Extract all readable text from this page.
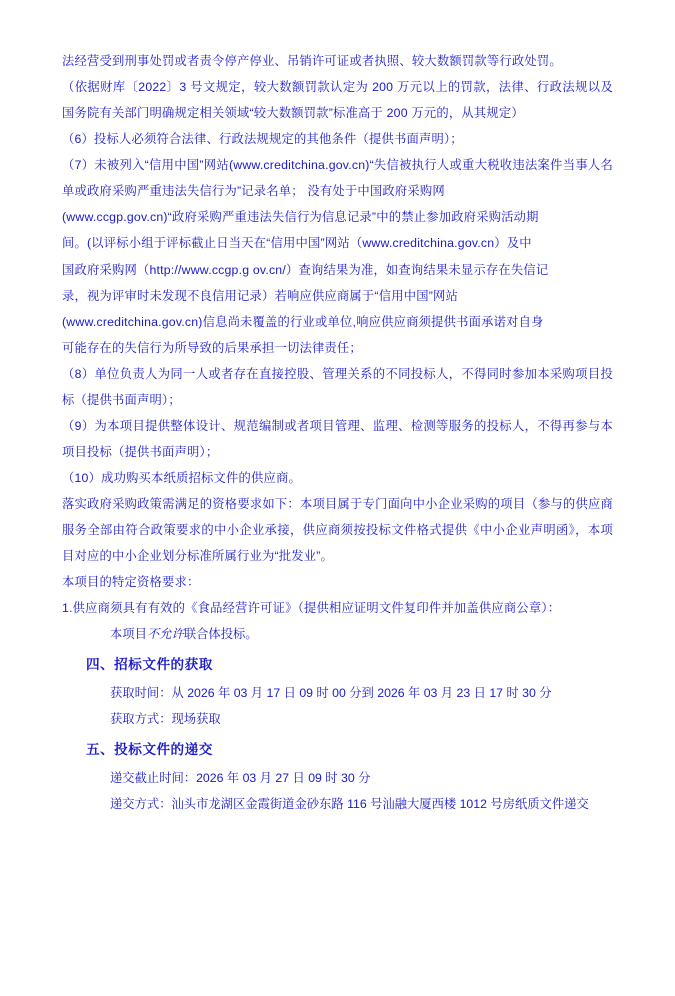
法经营受到刑事处罚或者责令停产停业、吊销许可证或者执照、较大数额罚款等行政处罚。

（依据财库〔2022〕3 号文规定，较大数额罚款认定为 200 万元以上的罚款，法律、行政法规以及国务院有关部门明确规定相关领域“较大数额罚款”标准高于 200 万元的，从其规定）

（6）投标人必须符合法律、行政法规规定的其他条件（提供书面声明）；

（7）未被列入“信用中国”网站(www.creditchina.gov.cn)“失信被执行人或重大税收违法案件当事人名单或政府采购严重违法失信行为”记录名单； 没有处于中国政府采购网

(www.ccgp.gov.cn)“政府采购严重违法失信行为信息记录”中的禁止参加政府采购活动期

间。(以评标小组于评标截止日当天在“信用中国”网站（www.creditchina.gov.cn）及中

国政府采购网（http://www.ccgp.g ov.cn/）查询结果为准，如查询结果未显示存在失信记

录，视为评审时未发现不良信用记录）若响应供应商属于“信用中国”网站

(www.creditchina.gov.cn)信息尚未覆盖的行业或单位,响应供应商须提供书面承诺对自身

可能存在的失信行为所导致的后果承担一切法律责任；

（8）单位负责人为同一人或者存在直接控股、管理关系的不同投标人，不得同时参加本采购项目投标（提供书面声明）；

（9）为本项目提供整体设计、规范编制或者项目管理、监理、检测等服务的投标人，不得再参与本项目投标（提供书面声明）；

（10）成功购买本纸质招标文件的供应商。

落实政府采购政策需满足的资格要求如下：本项目属于专门面向中小企业采购的项目（参与的供应商服务全部由符合政策要求的中小企业承接，供应商须按投标文件格式提供《中小企业声明函》，本项目对应的中小企业划分标准所属行业为“批发业”。

本项目的特定资格要求：

1.供应商须具有有效的《食品经营许可证》（提供相应证明文件复印件并加盖供应商公章）：

本项目不允许联合体投标。

四、招标文件的获取

获取时间：从 2026 年 03 月 17 日 09 时 00 分到 2026 年 03 月 23 日 17 时 30 分

获取方式：现场获取

五、投标文件的递交

递交截止时间：2026 年 03 月 27 日 09 时 30 分

递交方式：汕头市龙湖区金霞街道金砂东路 116 号汕融大厦西楼 1012 号房纸质文件递交
